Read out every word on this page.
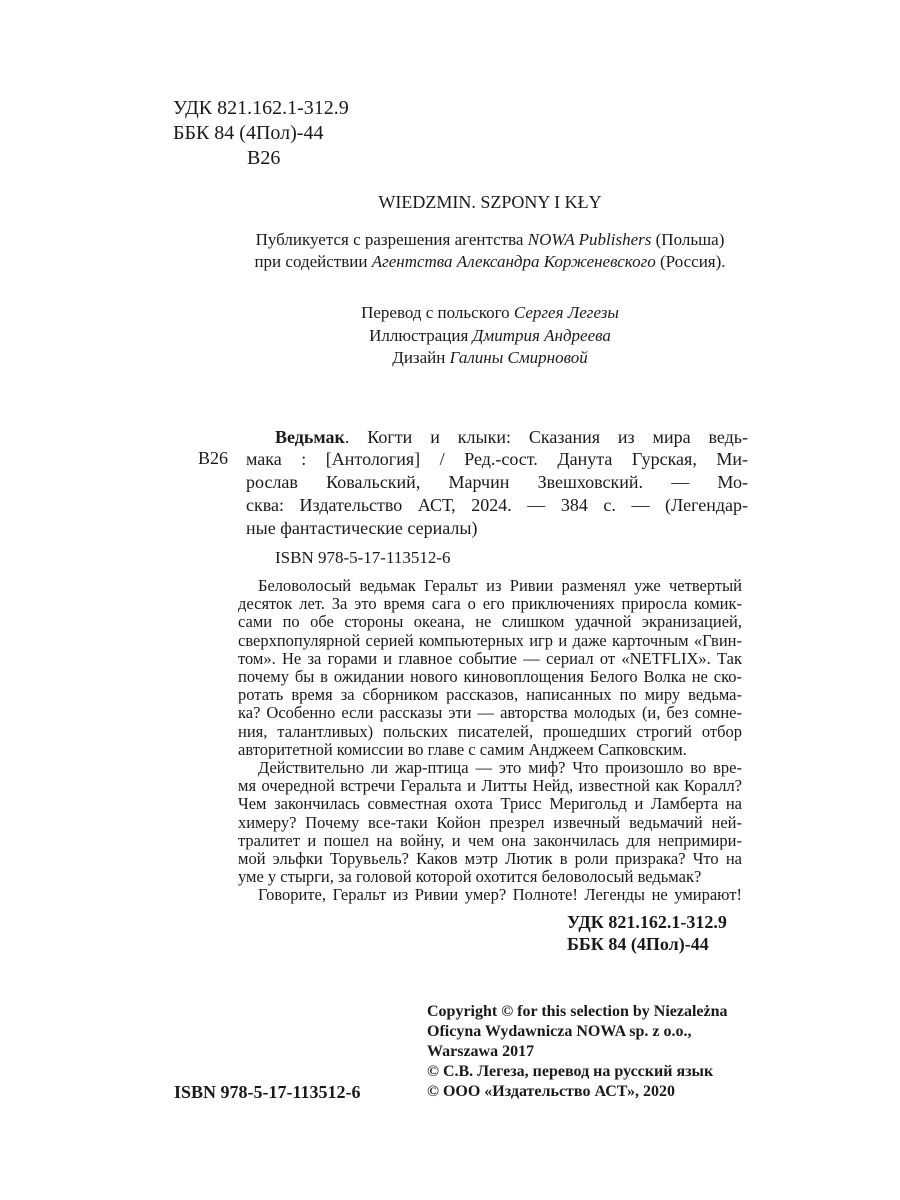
УДК 821.162.1-312.9
ББК 84 (4Пол)-44
В26
WIEDZMIN. SZPONY I KŁY
Публикуется с разрешения агентства NOWA Publishers (Польша)
при содействии Агентства Александра Корженевского (Россия).
Перевод с польского Сергея Легезы
Иллюстрация Дмитрия Андреева
Дизайн Галины Смирновой
В26
Ведьмак. Когти и клыки: Сказания из мира ведь-
мака : [Антология] / Ред.-сост. Данута Гурская, Ми-
рослав Ковальский, Марчин Звешховский. — Мо-
сква: Издательство АСТ, 2024. — 384 с. — (Легендар-
ные фантастические сериалы)
ISBN 978-5-17-113512-6
Беловолосый ведьмак Геральт из Ривии разменял уже четвертый
десяток лет. За это время сага о его приключениях приросла комик-
сами по обе стороны океана, не слишком удачной экранизацией,
сверхпопулярной серией компьютерных игр и даже карточным «Гвин-
том». Не за горами и главное событие — сериал от «NETFLIX». Так
почему бы в ожидании нового киновоплощения Белого Волка не ско-
ротать время за сборником рассказов, написанных по миру ведьма-
ка? Особенно если рассказы эти — авторства молодых (и, без сомне-
ния, талантливых) польских писателей, прошедших строгий отбор
авторитетной комиссии во главе с самим Анджеем Сапковским.
Действительно ли жар-птица — это миф? Что произошло во вре-
мя очередной встречи Геральта и Литты Нейд, известной как Коралл?
Чем закончилась совместная охота Трисс Меригольд и Ламберта на
химеру? Почему все-таки Койон презрел извечный ведьмачий ней-
тралитет и пошел на войну, и чем она закончилась для непримири-
мой эльфки Торувьель? Каков мэтр Лютик в роли призрака? Что на
уме у стырги, за головой которой охотится беловолосый ведьмак?
Говорите, Геральт из Ривии умер? Полноте! Легенды не умирают!
УДК 821.162.1-312.9
ББК 84 (4Пол)-44
Copyright © for this selection by Niezależna
Oficyna Wydawnicza NOWA sp. z o.o.,
Warszawa 2017
© С.В. Легеза, перевод на русский язык
© ООО «Издательство АСТ», 2020
ISBN 978-5-17-113512-6
